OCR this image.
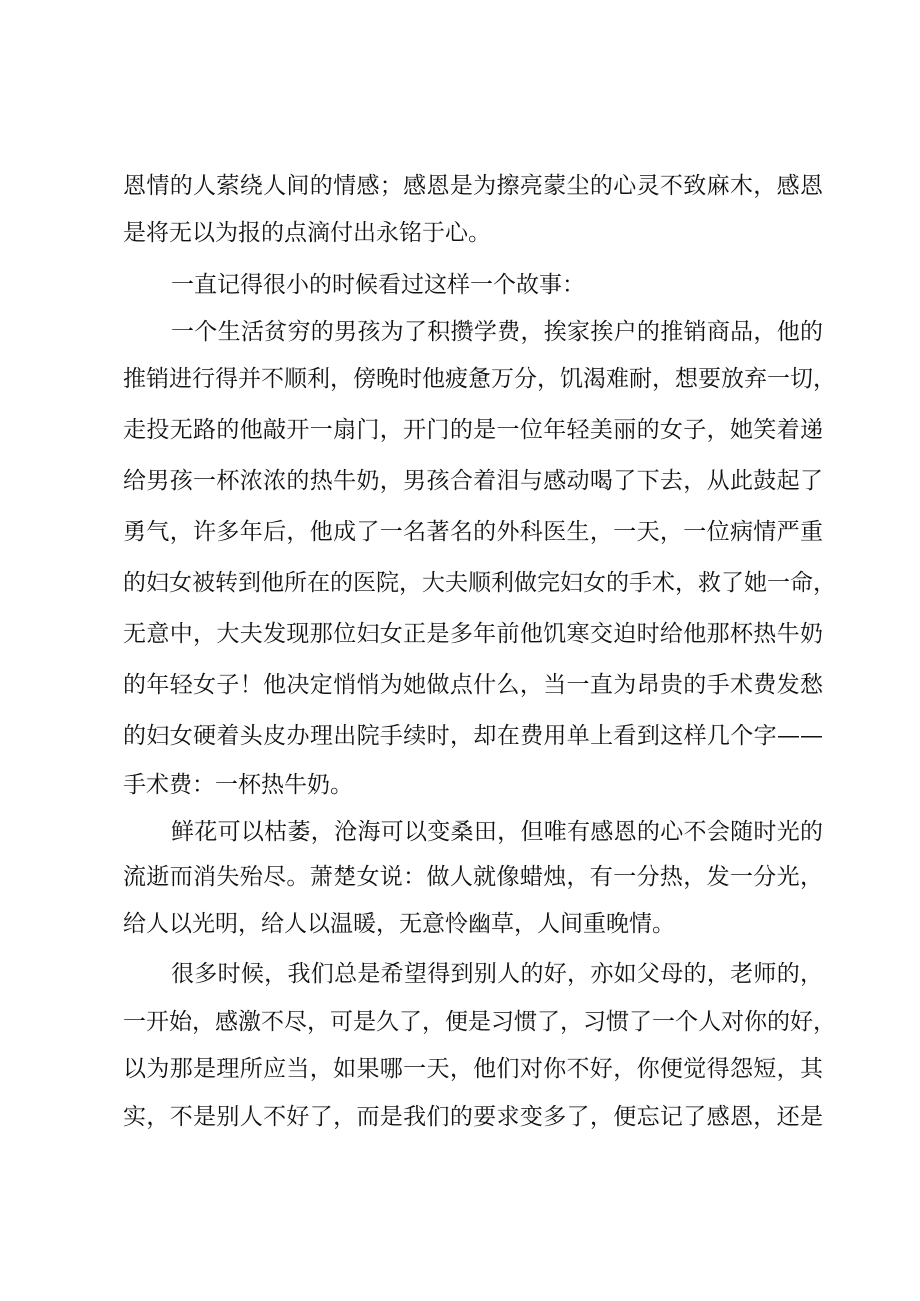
恩情的人萦绕人间的情感；感恩是为擦亮蒙尘的心灵不致麻木，感恩
是将无以为报的点滴付出永铭于心。
一直记得很小的时候看过这样一个故事：
一个生活贫穷的男孩为了积攒学费，挨家挨户的推销商品，他的
推销进行得并不顺利，傍晚时他疲惫万分，饥渴难耐，想要放弃一切，
走投无路的他敲开一扇门，开门的是一位年轻美丽的女子，她笑着递
给男孩一杯浓浓的热牛奶，男孩合着泪与感动喝了下去，从此鼓起了
勇气，许多年后，他成了一名著名的外科医生，一天，一位病情严重
的妇女被转到他所在的医院，大夫顺利做完妇女的手术，救了她一命，
无意中，大夫发现那位妇女正是多年前他饥寒交迫时给他那杯热牛奶
的年轻女子！他决定悄悄为她做点什么，当一直为昂贵的手术费发愁
的妇女硬着头皮办理出院手续时，却在费用单上看到这样几个字——
手术费：一杯热牛奶。
鲜花可以枯萎，沧海可以变桑田，但唯有感恩的心不会随时光的
流逝而消失殆尽。萧楚女说：做人就像蜡烛，有一分热，发一分光，
给人以光明，给人以温暖，无意怜幽草，人间重晚情。
很多时候，我们总是希望得到别人的好，亦如父母的，老师的，
一开始，感激不尽，可是久了，便是习惯了，习惯了一个人对你的好，
以为那是理所应当，如果哪一天，他们对你不好，你便觉得怨短，其
实，不是别人不好了，而是我们的要求变多了，便忘记了感恩，还是
